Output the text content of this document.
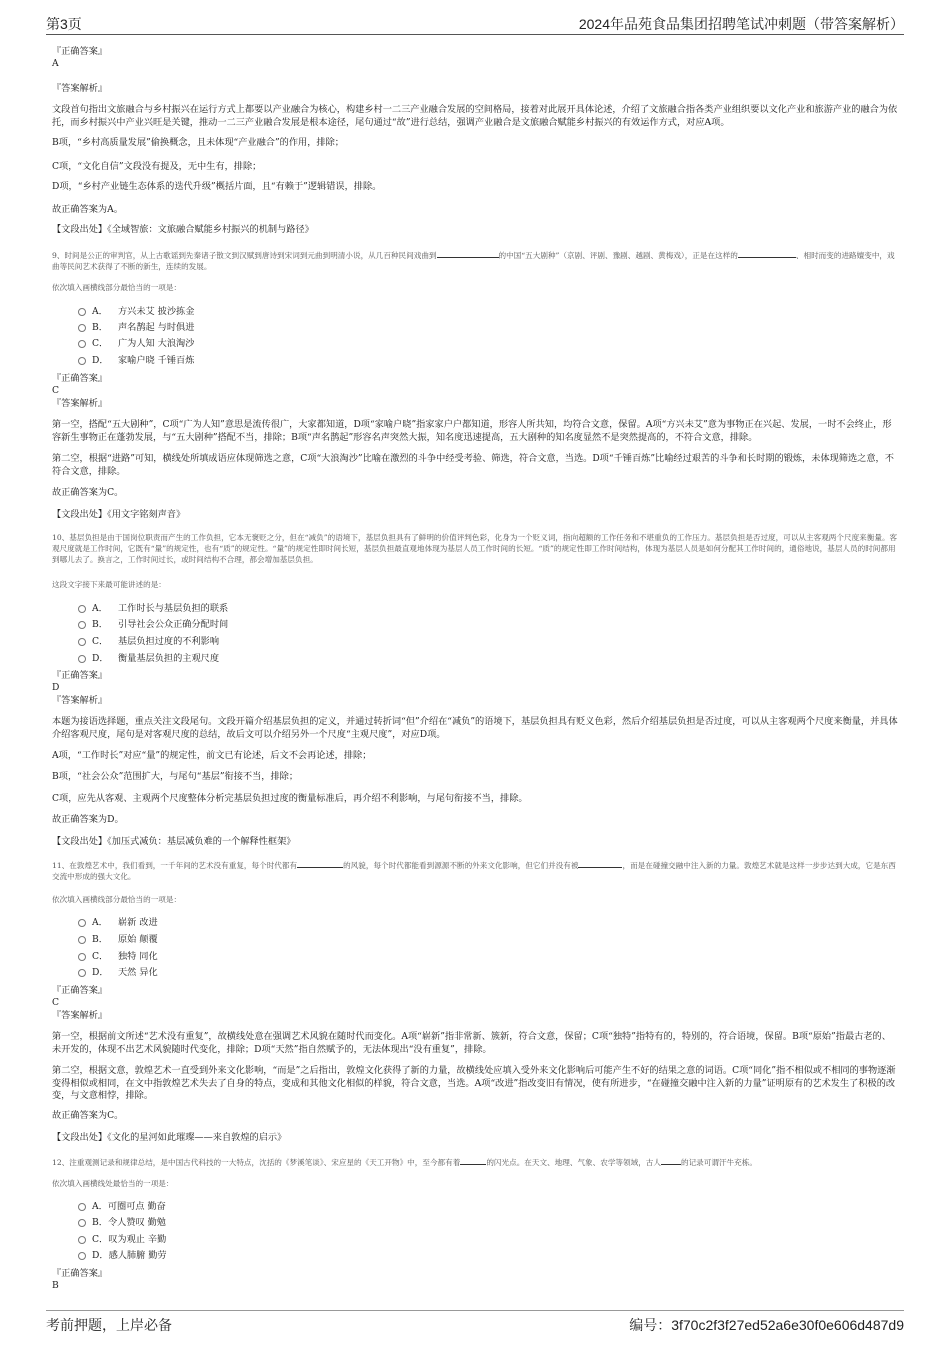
第3页	2024年品苑食品集团招聘笔试冲刺题（带答案解析）
『正确答案』
A
『答案解析』
文段首句指出文旅融合与乡村振兴在运行方式上都要以产业融合为核心，构建乡村一二三产业融合发展的空间格局，接着对此展开具体论述，介绍了文旅融合指各类产业组织要以文化产业和旅游产业的融合为依托，而乡村振兴中产业兴旺是关键，推动一二三产业融合发展是根本途径，尾句通过“故”进行总结，强调产业融合是文旅融合赋能乡村振兴的有效运作方式，对应A项。
B项，“乡村高质量发展”偷换概念，且未体现“产业融合”的作用，排除；
C项，“文化自信”文段没有提及，无中生有，排除；
D项，“乡村产业链生态体系的迭代升级”概括片面，且“有赖于”逻辑错误，排除。
故正确答案为A。
【文段出处】《全域智旅：文旅融合赋能乡村振兴的机制与路径》
9、时间是公正的审判官，从上古歌谣到先秦诸子散文到汉赋到唐诗到宋词到元曲到明清小说，从几百种民间戏曲到	的中国“五大剧种”（京剧、评剧、豫剧、越剧、黄梅戏），正是在这样的	、相时而变的进路嬗变中，戏曲等民间艺术获得了不断的新生，连续的发展。
依次填入画横线部分最恰当的一项是：
A． 方兴未艾 披沙拣金
B． 声名鹊起 与时俱进
C． 广为人知 大浪淘沙
D． 家喻户晓 千锤百炼
『正确答案』
C
『答案解析』
第一空，搭配“五大剧种”，C项“广为人知”意思是流传很广，大家都知道，D项“家喻户晓”指家家户户都知道，形容人所共知，均符合文意，保留。A项“方兴未艾”意为事物正在兴起、发展，一时不会终止，形容新生事物正在蓬勃发展，与“五大剧种”搭配不当，排除；B项“声名鹊起”形容名声突然大振，知名度迅速提高，五大剧种的知名度显然不是突然提高的，不符合文意，排除。
第二空，根据“进路”可知，横线处所填成语应体现筛选之意，C项“大浪淘沙”比喻在激烈的斗争中经受考验、筛选，符合文意，当选。D项“千锤百炼”比喻经过艰苦的斗争和长时期的锻炼，未体现筛选之意，不符合文意，排除。
故正确答案为C。
【文段出处】《用文字铭刻声音》
10、基层负担是由于国岗位职责而产生的工作负担，它本无褒贬之分，但在“减负”的语境下，基层负担具有了鲜明的价值评判色彩，化身为一个贬义词，指向超额的工作任务和不堪重负的工作压力。基层负担是否过度，可以从主客观两个尺度来衡量。客观尺度就是工作时间，它既有“量”的规定性，也有“质”的规定性。“量”的规定性即时间长短，基层负担最直观地体现为基层人员工作时间的长短。“质”的规定性即工作时间结构，体现为基层人员是如何分配其工作时间的，通俗地说，基层人员的时间都用到哪儿去了。换言之，工作时间过长，或时间结构不合理，都会增加基层负担。
这段文字接下来最可能讲述的是：
A． 工作时长与基层负担的联系
B． 引导社会公众正确分配时间
C． 基层负担过度的不利影响
D． 衡量基层负担的主观尺度
『正确答案』
D
『答案解析』
本题为接语选择题，重点关注文段尾句。文段开篇介绍基层负担的定义，并通过转折词“但”介绍在“减负”的语境下，基层负担具有贬义色彩，然后介绍基层负担是否过度，可以从主客观两个尺度来衡量，并具体介绍客观尺度，尾句是对客观尺度的总结，故后文可以介绍另外一个尺度“主观尺度”，对应D项。
A项，“工作时长”对应“量”的规定性，前文已有论述，后文不会再论述，排除；
B项，“社会公众”范围扩大，与尾句“基层”衔接不当，排除；
C项，应先从客观、主观两个尺度整体分析完基层负担过度的衡量标准后，再介绍不利影响，与尾句衔接不当，排除。
故正确答案为D。
【文段出处】《加压式减负：基层减负难的一个解释性框架》
11、在敦煌艺术中，我们看到，一千年间的艺术没有重复，每个时代都有	的风貌，每个时代都能看到源源不断的外来文化影响，但它们并没有被	，而是在碰撞交融中注入新的力量。敦煌艺术就是这样一步步达到大成，它是东西交流中形成的强大文化。
依次填入画横线部分最恰当的一项是：
A． 崭新 改进
B． 原始 颠覆
C． 独特 同化
D． 天然 异化
『正确答案』
C
『答案解析』
第一空，根据前文所述“艺术没有重复”，故横线处意在强调艺术风貌在随时代而变化。A项“崭新”指非常新、簇新，符合文意，保留；C项“独特”指特有的，特别的，符合语境，保留。B项“原始”指最古老的、未开发的，体现不出艺术风貌随时代变化，排除；D项“天然”指自然赋予的，无法体现出“没有重复”，排除。
第二空，根据文意，敦煌艺术一直受到外来文化影响，“而是”之后指出，敦煌文化获得了新的力量，故横线处应填入受外来文化影响后可能产生不好的结果之意的词语。C项“同化”指不相似或不相同的事物逐渐变得相似或相同，在文中指敦煌艺术失去了自身的特点，变成和其他文化相似的样貌，符合文意，当选。A项“改进”指改变旧有情况，使有所进步，“在碰撞交融中注入新的力量”证明原有的艺术发生了积极的改变，与文意相悖，排除。
故正确答案为C。
【文段出处】《文化的星河如此璀璨——来自敦煌的启示》
12、注重观测记录和规律总结，是中国古代科技的一大特点，沈括的《梦溪笔谈》、宋应星的《天工开物》中，至今都有着	的闪光点。在天文、地理、气象、农学等领域，古人	的记录可谓汗牛充栋。
依次填入画横线处最恰当的一项是：
A．可圈可点 勤奋
B．令人赞叹 勤勉
C．叹为观止 辛勤
D．感人肺腑 勤劳
『正确答案』
B
考前押题，上岸必备	编号：3f70c2f3f27ed52a6e30f0e606d487d9
